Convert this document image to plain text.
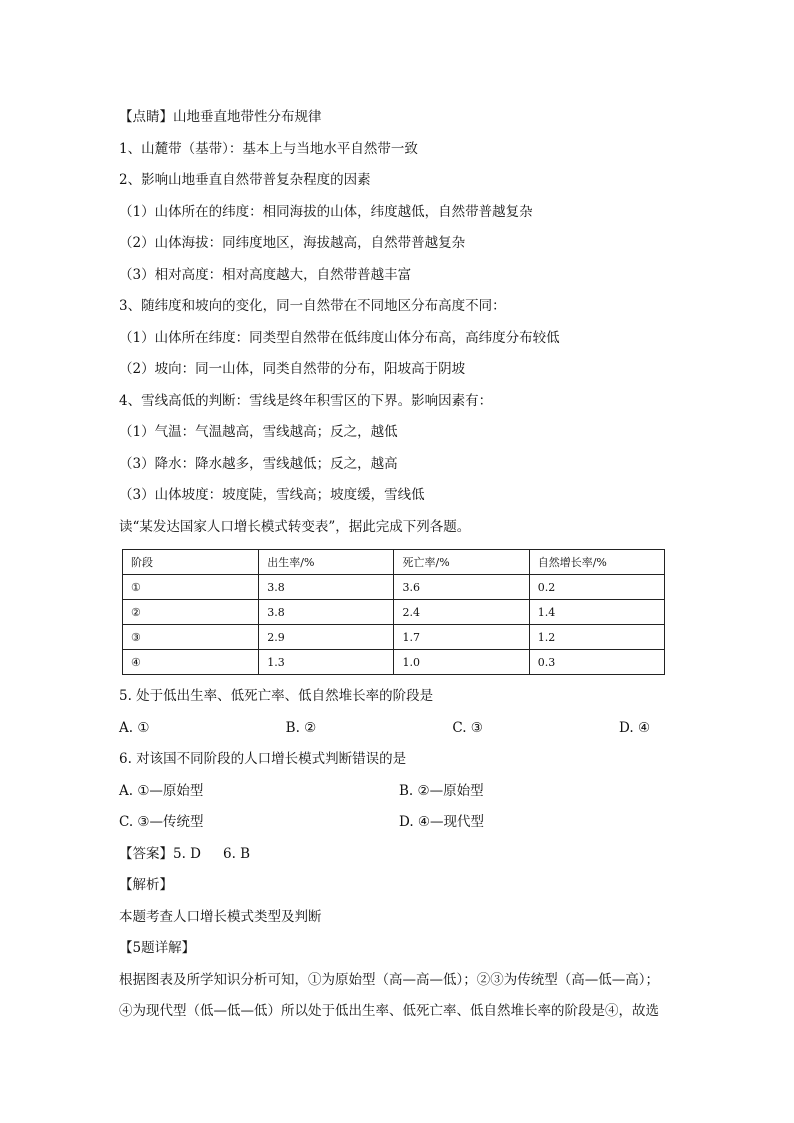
【点睛】山地垂直地带性分布规律
1、山麓带（基带）：基本上与当地水平自然带一致
2、影响山地垂直自然带普复杂程度的因素
（1）山体所在的纬度：相同海拔的山体，纬度越低，自然带普越复杂
（2）山体海拔：同纬度地区，海拔越高，自然带普越复杂
（3）相对高度：相对高度越大，自然带普越丰富
3、随纬度和坡向的变化，同一自然带在不同地区分布高度不同：
（1）山体所在纬度：同类型自然带在低纬度山体分布高，高纬度分布较低
（2）坡向：同一山体，同类自然带的分布，阳坡高于阴坡
4、雪线高低的判断：雪线是终年积雪区的下界。影响因素有：
（1）气温：气温越高，雪线越高；反之，越低
（3）降水：降水越多，雪线越低；反之，越高
（3）山体坡度：坡度陡，雪线高；坡度缓，雪线低
读“某发达国家人口增长模式转变表”，据此完成下列各题。
阶段	出生率/%	死亡率/%	自然增长率/%
①	3.8	3.6	0.2
②	3.8	2.4	1.4
③	2.9	1.7	1.2
④	1.3	1.0	0.3
5. 处于低出生率、低死亡率、低自然堆长率的阶段是
A. ①	B. ②	C. ③	D. ④
6. 对该国不同阶段的人口增长模式判断错误的是
A. ①—原始型	B. ②—原始型
C. ③—传统型	D. ④—现代型
【答案】5. D 6. B
【解析】
本题考查人口增长模式类型及判断
【5题详解】
根据图表及所学知识分析可知，①为原始型（高—高—低）；②③为传统型（高—低—高）；
④为现代型（低—低—低）所以处于低出生率、低死亡率、低自然堆长率的阶段是④，故选
